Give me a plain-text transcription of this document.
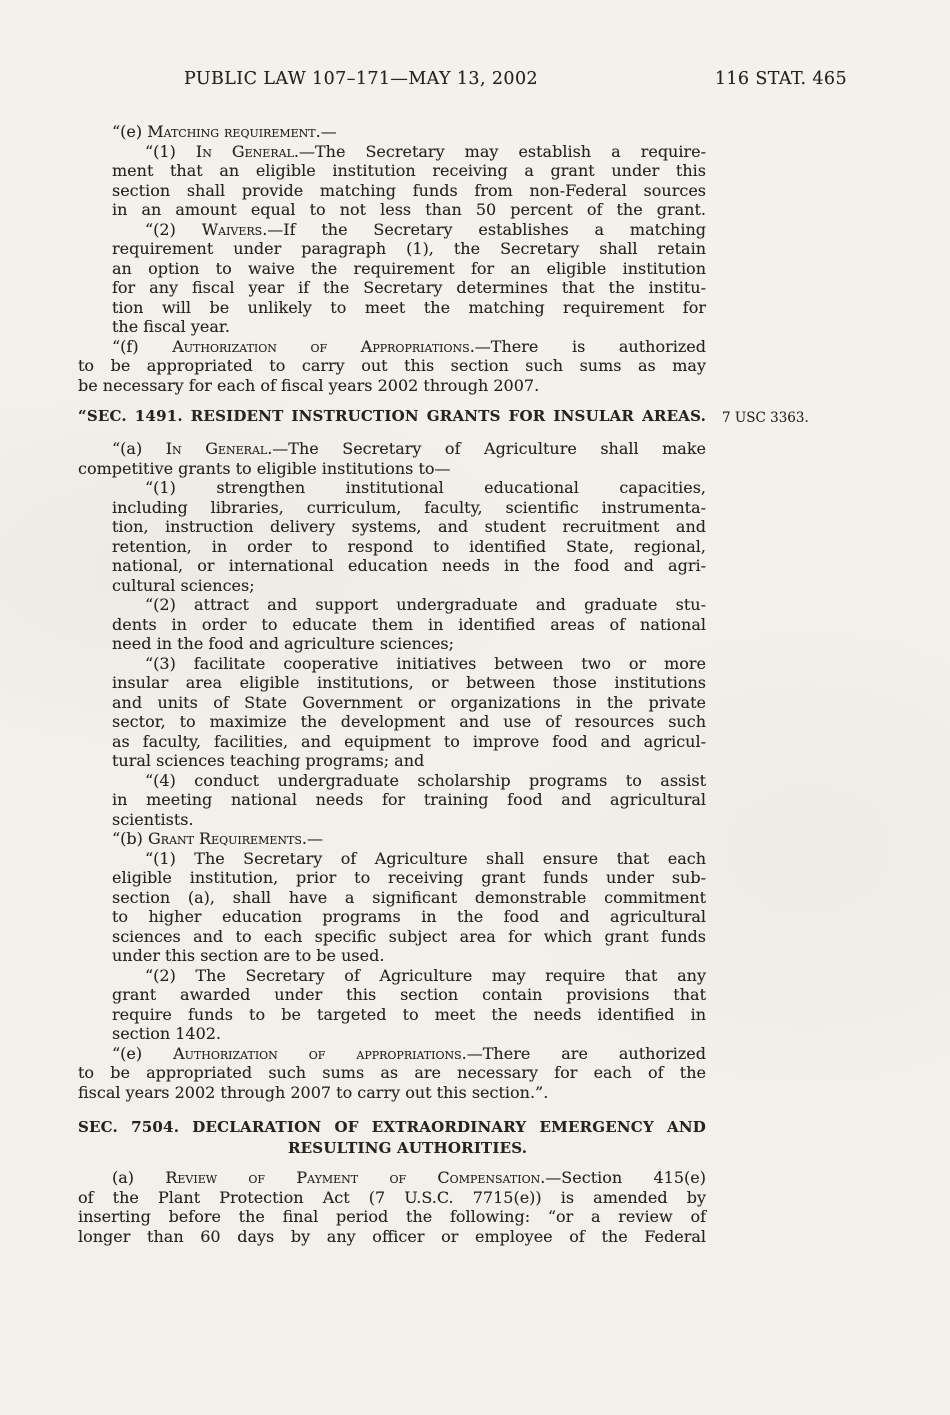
PUBLIC LAW 107–171—MAY 13, 2002	116 STAT. 465
“(e) Matching requirement.—
“(1) In General.—The Secretary may establish a require-
ment that an eligible institution receiving a grant under this
section shall provide matching funds from non-Federal sources
in an amount equal to not less than 50 percent of the grant.
“(2) Waivers.—If the Secretary establishes a matching
requirement under paragraph (1), the Secretary shall retain
an option to waive the requirement for an eligible institution
for any fiscal year if the Secretary determines that the institu-
tion will be unlikely to meet the matching requirement for
the fiscal year.
“(f) Authorization of Appropriations.—There is authorized
to be appropriated to carry out this section such sums as may
be necessary for each of fiscal years 2002 through 2007.
“SEC. 1491. RESIDENT INSTRUCTION GRANTS FOR INSULAR AREAS.
“(a) In General.—The Secretary of Agriculture shall make
competitive grants to eligible institutions to—
“(1) strengthen institutional educational capacities,
including libraries, curriculum, faculty, scientific instrumenta-
tion, instruction delivery systems, and student recruitment and
retention, in order to respond to identified State, regional,
national, or international education needs in the food and agri-
cultural sciences;
“(2) attract and support undergraduate and graduate stu-
dents in order to educate them in identified areas of national
need in the food and agriculture sciences;
“(3) facilitate cooperative initiatives between two or more
insular area eligible institutions, or between those institutions
and units of State Government or organizations in the private
sector, to maximize the development and use of resources such
as faculty, facilities, and equipment to improve food and agricul-
tural sciences teaching programs; and
“(4) conduct undergraduate scholarship programs to assist
in meeting national needs for training food and agricultural
scientists.
“(b) Grant Requirements.—
“(1) The Secretary of Agriculture shall ensure that each
eligible institution, prior to receiving grant funds under sub-
section (a), shall have a significant demonstrable commitment
to higher education programs in the food and agricultural
sciences and to each specific subject area for which grant funds
under this section are to be used.
“(2) The Secretary of Agriculture may require that any
grant awarded under this section contain provisions that
require funds to be targeted to meet the needs identified in
section 1402.
“(e) Authorization of appropriations.—There are authorized
to be appropriated such sums as are necessary for each of the
fiscal years 2002 through 2007 to carry out this section.”.
SEC. 7504. DECLARATION OF EXTRAORDINARY EMERGENCY AND
RESULTING AUTHORITIES.
(a) Review of Payment of Compensation.—Section 415(e)
of the Plant Protection Act (7 U.S.C. 7715(e)) is amended by
inserting before the final period the following: “or a review of
longer than 60 days by any officer or employee of the Federal
7 USC 3363.
